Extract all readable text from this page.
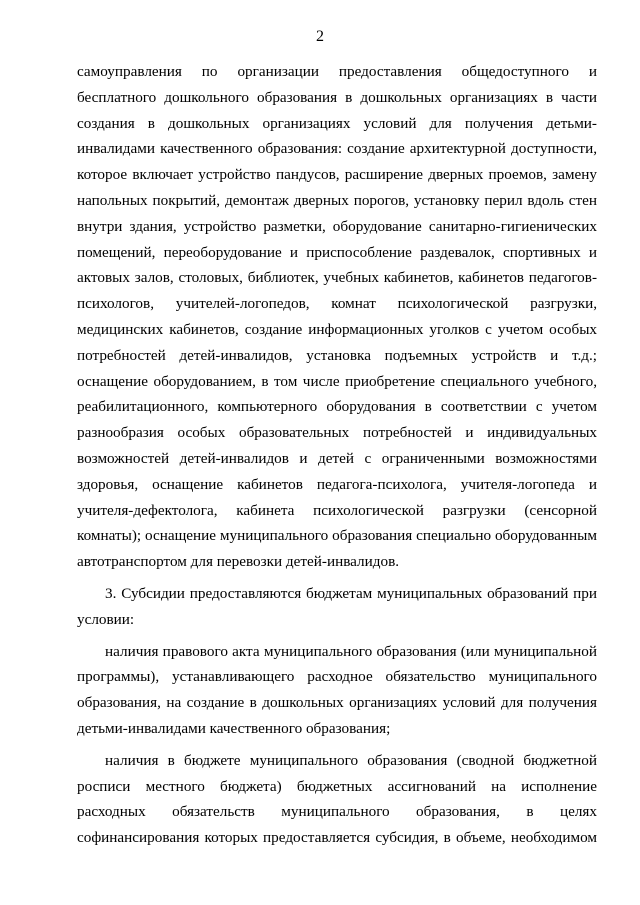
2
самоуправления по организации предоставления общедоступного и
бесплатного дошкольного образования в дошкольных организациях в части
создания в дошкольных организациях условий для получения детьми-
инвалидами качественного образования: создание архитектурной доступности,
которое включает устройство пандусов, расширение дверных проемов, замену
напольных покрытий, демонтаж дверных порогов, установку перил вдоль стен
внутри здания, устройство разметки, оборудование санитарно-гигиенических
помещений, переоборудование и приспособление раздевалок, спортивных и
актовых залов, столовых, библиотек, учебных кабинетов, кабинетов педагогов-
психологов, учителей-логопедов, комнат психологической разгрузки,
медицинских кабинетов, создание информационных уголков с учетом особых
потребностей детей-инвалидов, установка подъемных устройств и т.д.;
оснащение оборудованием, в том числе приобретение специального учебного,
реабилитационного, компьютерного оборудования в соответствии с учетом
разнообразия особых образовательных потребностей и индивидуальных
возможностей детей-инвалидов и детей с ограниченными возможностями
здоровья, оснащение кабинетов педагога-психолога, учителя-логопеда и
учителя-дефектолога, кабинета психологической разгрузки (сенсорной
комнаты); оснащение муниципального образования специально оборудованным
автотранспортом для перевозки детей-инвалидов.
3. Субсидии предоставляются бюджетам муниципальных образований при
условии:
наличия правового акта муниципального образования (или муниципальной
программы), устанавливающего расходное обязательство муниципального
образования, на создание в дошкольных организациях условий для получения
детьми-инвалидами качественного образования;
наличия в бюджете муниципального образования (сводной бюджетной
росписи местного бюджета) бюджетных ассигнований на исполнение
расходных обязательств муниципального образования, в целях
софинансирования которых предоставляется субсидия, в объеме, необходимом
